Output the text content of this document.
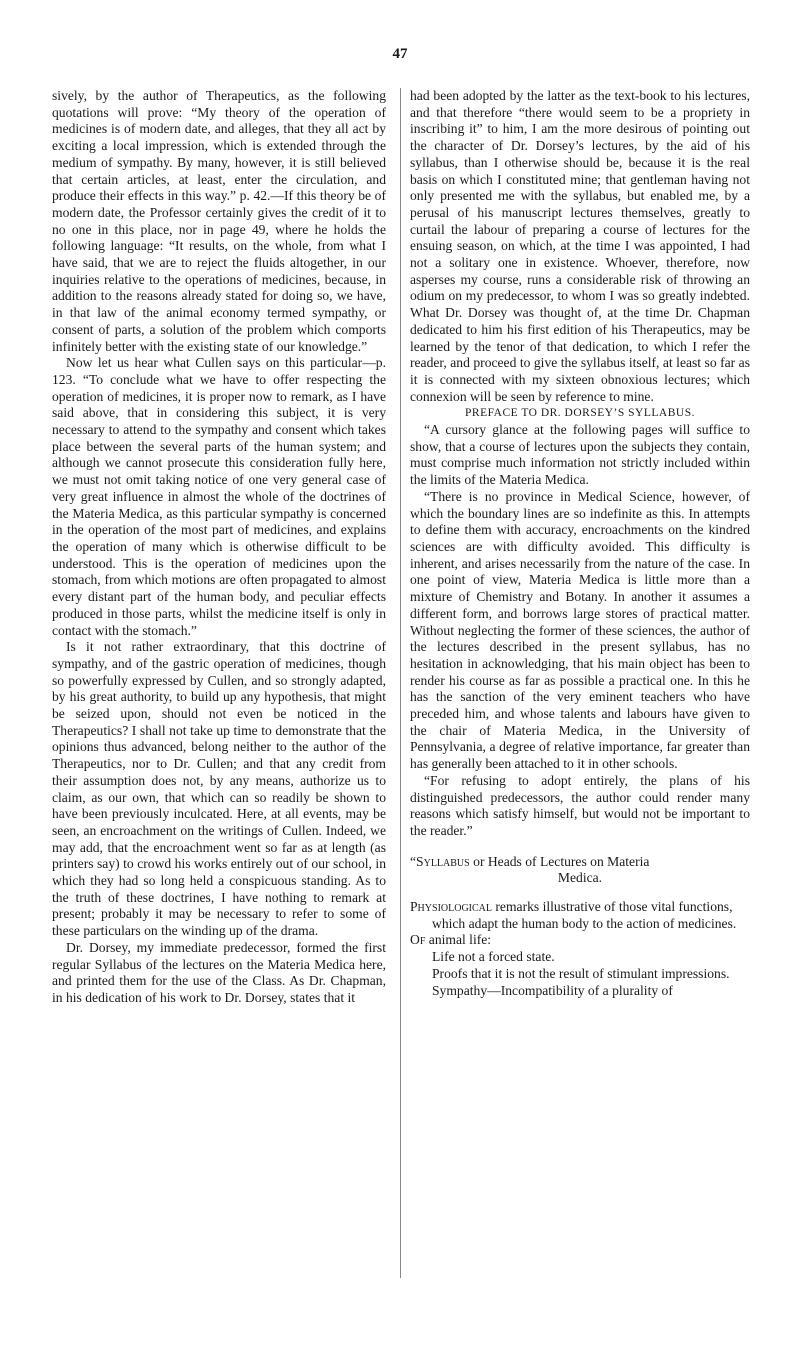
47

sively, by the author of Therapeutics, as the following quotations will prove: “My theory of the operation of medicines is of modern date, and alleges, that they all act by exciting a local impression, which is extended through the medium of sympathy. By many, however, it is still believed that certain articles, at least, enter the circulation, and produce their effects in this way.” p. 42.—If this theory be of modern date, the Professor certainly gives the credit of it to no one in this place, nor in page 49, where he holds the following language: “It results, on the whole, from what I have said, that we are to reject the fluids altogether, in our inquiries relative to the operations of medicines, because, in addition to the reasons already stated for doing so, we have, in that law of the animal economy termed sympathy, or consent of parts, a solution of the problem which comports infinitely better with the existing state of our knowledge.”

Now let us hear what Cullen says on this particular—p. 123. “To conclude what we have to offer respecting the operation of medicines, it is proper now to remark, as I have said above, that in considering this subject, it is very necessary to attend to the sympathy and consent which takes place between the several parts of the human system; and although we cannot prosecute this consideration fully here, we must not omit taking notice of one very general case of very great influence in almost the whole of the doctrines of the Materia Medica, as this particular sympathy is concerned in the operation of the most part of medicines, and explains the operation of many which is otherwise difficult to be understood. This is the operation of medicines upon the stomach, from which motions are often propagated to almost every distant part of the human body, and peculiar effects produced in those parts, whilst the medicine itself is only in contact with the stomach.”

Is it not rather extraordinary, that this doctrine of sympathy, and of the gastric operation of medicines, though so powerfully expressed by Cullen, and so strongly adapted, by his great authority, to build up any hypothesis, that might be seized upon, should not even be noticed in the Therapeutics? I shall not take up time to demonstrate that the opinions thus advanced, belong neither to the author of the Therapeutics, nor to Dr. Cullen; and that any credit from their assumption does not, by any means, authorize us to claim, as our own, that which can so readily be shown to have been previously inculcated. Here, at all events, may be seen, an encroachment on the writings of Cullen. Indeed, we may add, that the encroachment went so far as at length (as printers say) to crowd his works entirely out of our school, in which they had so long held a conspicuous standing. As to the truth of these doctrines, I have nothing to remark at present; probably it may be necessary to refer to some of these particulars on the winding up of the drama.

Dr. Dorsey, my immediate predecessor, formed the first regular Syllabus of the lectures on the Materia Medica here, and printed them for the use of the Class. As Dr. Chapman, in his dedication of his work to Dr. Dorsey, states that it

had been adopted by the latter as the text-book to his lectures, and that therefore “there would seem to be a propriety in inscribing it” to him, I am the more desirous of pointing out the character of Dr. Dorsey’s lectures, by the aid of his syllabus, than I otherwise should be, because it is the real basis on which I constituted mine; that gentleman having not only presented me with the syllabus, but enabled me, by a perusal of his manuscript lectures themselves, greatly to curtail the labour of preparing a course of lectures for the ensuing season, on which, at the time I was appointed, I had not a solitary one in existence. Whoever, therefore, now asperses my course, runs a considerable risk of throwing an odium on my predecessor, to whom I was so greatly indebted. What Dr. Dorsey was thought of, at the time Dr. Chapman dedicated to him his first edition of his Therapeutics, may be learned by the tenor of that dedication, to which I refer the reader, and proceed to give the syllabus itself, at least so far as it is connected with my sixteen obnoxious lectures; which connexion will be seen by reference to mine.

PREFACE TO DR. DORSEY’S SYLLABUS.

“A cursory glance at the following pages will suffice to show, that a course of lectures upon the subjects they contain, must comprise much information not strictly included within the limits of the Materia Medica.

“There is no province in Medical Science, however, of which the boundary lines are so indefinite as this. In attempts to define them with accuracy, encroachments on the kindred sciences are with difficulty avoided. This difficulty is inherent, and arises necessarily from the nature of the case. In one point of view, Materia Medica is little more than a mixture of Chemistry and Botany. In another it assumes a different form, and borrows large stores of practical matter. Without neglecting the former of these sciences, the author of the lectures described in the present syllabus, has no hesitation in acknowledging, that his main object has been to render his course as far as possible a practical one. In this he has the sanction of the very eminent teachers who have preceded him, and whose talents and labours have given to the chair of Materia Medica, in the University of Pennsylvania, a degree of relative importance, far greater than has generally been attached to it in other schools.

“For refusing to adopt entirely, the plans of his distinguished predecessors, the author could render many reasons which satisfy himself, but would not be important to the reader.”

“Syllabus or Heads of Lectures on Materia

Medica.

Physiological remarks illustrative of those vital functions, which adapt the human body to the action of medicines.
Of animal life:
Life not a forced state.
Proofs that it is not the result of stimulant impressions.
Sympathy—Incompatibility of a plurality of
